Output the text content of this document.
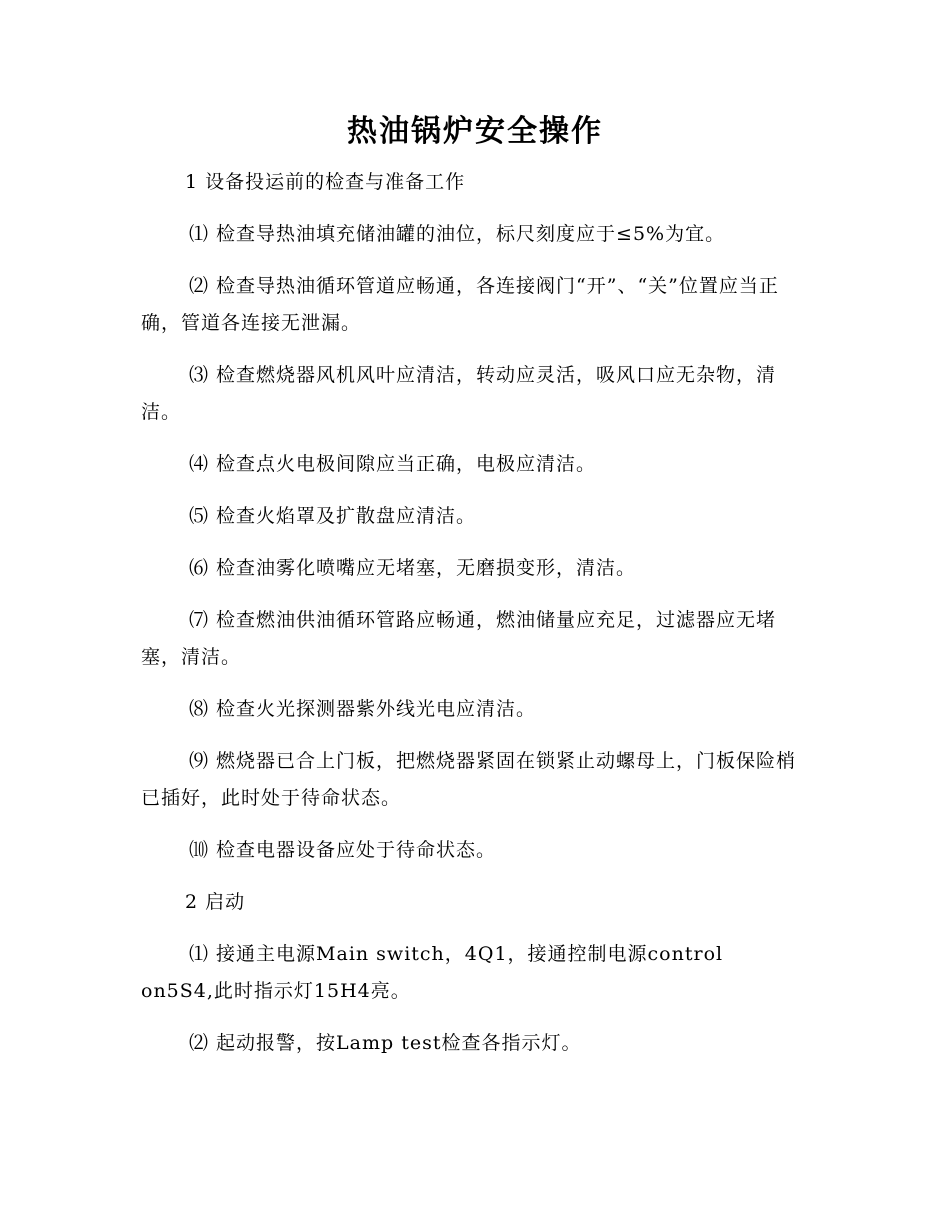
热油锅炉安全操作

1 设备投运前的检查与准备工作

⑴ 检查导热油填充储油罐的油位，标尺刻度应于≤5%为宜。

⑵ 检查导热油循环管道应畅通，各连接阀门“开”、“关”位置应当正确，管道各连接无泄漏。

⑶ 检查燃烧器风机风叶应清洁，转动应灵活，吸风口应无杂物，清洁。

⑷ 检查点火电极间隙应当正确，电极应清洁。

⑸ 检查火焰罩及扩散盘应清洁。

⑹ 检查油雾化喷嘴应无堵塞，无磨损变形，清洁。

⑺ 检查燃油供油循环管路应畅通，燃油储量应充足，过滤器应无堵塞，清洁。

⑻ 检查火光探测器紫外线光电应清洁。

⑼ 燃烧器已合上门板，把燃烧器紧固在锁紧止动螺母上，门板保险梢已插好，此时处于待命状态。

⑽ 检查电器设备应处于待命状态。

2 启动

⑴ 接通主电源Main switch，4Q1，接通控制电源control on5S4,此时指示灯15H4亮。

⑵ 起动报警，按Lamp test检查各指示灯。
